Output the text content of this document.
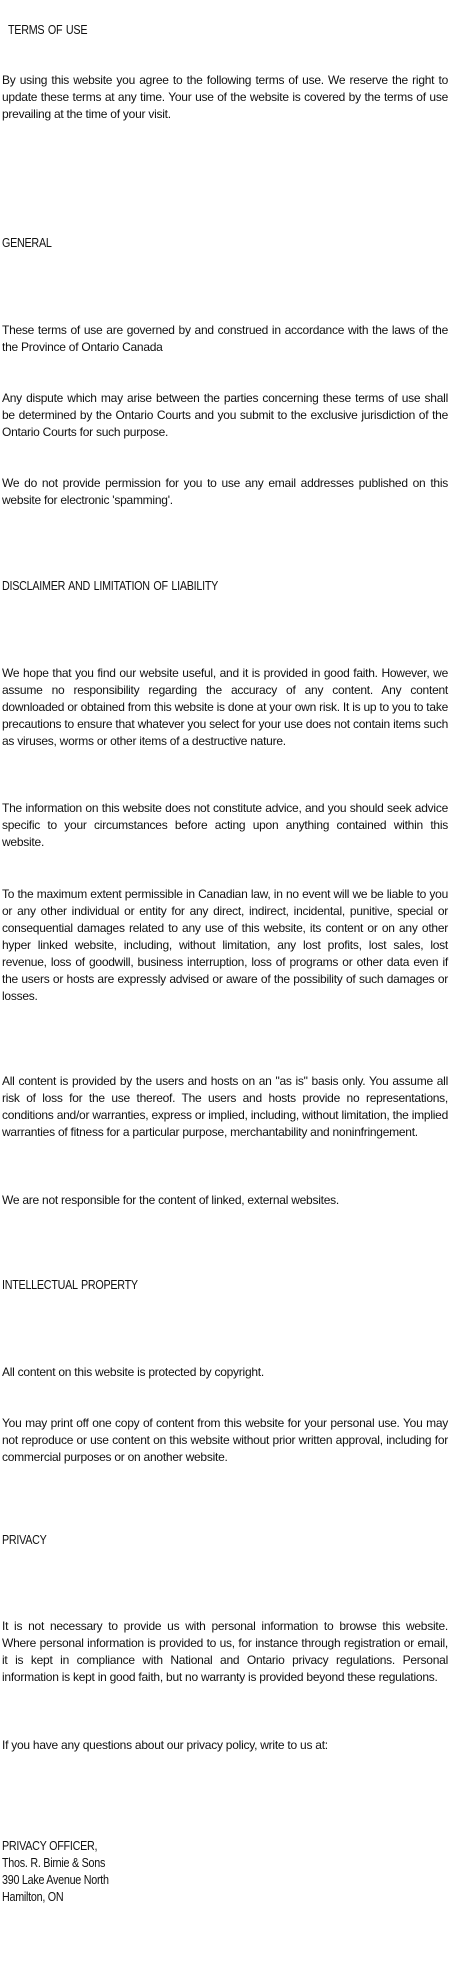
TERMS OF USE
By using this website you agree to the following terms of use. We reserve the right to update these terms at any time. Your use of the website is covered by the terms of use prevailing at the time of your visit.
GENERAL
These terms of use are governed by and construed in accordance with the laws of the the Province of Ontario Canada
Any dispute which may arise between the parties concerning these terms of use shall be determined by the Ontario Courts and you submit to the exclusive jurisdiction of the Ontario Courts for such purpose.
We do not provide permission for you to use any email addresses published on this website for electronic 'spamming'.
DISCLAIMER AND LIMITATION OF LIABILITY
We hope that you find our website useful, and it is provided in good faith. However, we assume no responsibility regarding the accuracy of any content. Any content downloaded or obtained from this website is done at your own risk. It is up to you to take precautions to ensure that whatever you select for your use does not contain items such as viruses, worms or other items of a destructive nature.
The information on this website does not constitute advice, and you should seek advice specific to your circumstances before acting upon anything contained within this website.
To the maximum extent permissible in Canadian law, in no event will we be liable to you or any other individual or entity for any direct, indirect, incidental, punitive, special or consequential damages related to any use of this website, its content or on any other hyper linked website, including, without limitation, any lost profits, lost sales, lost revenue, loss of goodwill, business interruption, loss of programs or other data even if the users or hosts are expressly advised or aware of the possibility of such damages or losses.
All content is provided by the users and hosts on an "as is" basis only. You assume all risk of loss for the use thereof. The users and hosts provide no representations, conditions and/or warranties, express or implied, including, without limitation, the implied warranties of fitness for a particular purpose, merchantability and noninfringement.
We are not responsible for the content of linked, external websites.
INTELLECTUAL PROPERTY
All content on this website is protected by copyright.
You may print off one copy of content from this website for your personal use. You may not reproduce or use content on this website without prior written approval, including for commercial purposes or on another website.
PRIVACY
It is not necessary to provide us with personal information to browse this website. Where personal information is provided to us, for instance through registration or email, it is kept in compliance with National and Ontario privacy regulations. Personal information is kept in good faith, but no warranty is provided beyond these regulations.
If you have any questions about our privacy policy, write to us at:
PRIVACY OFFICER,
Thos. R. Birnie & Sons
390 Lake Avenue North
Hamilton, ON
